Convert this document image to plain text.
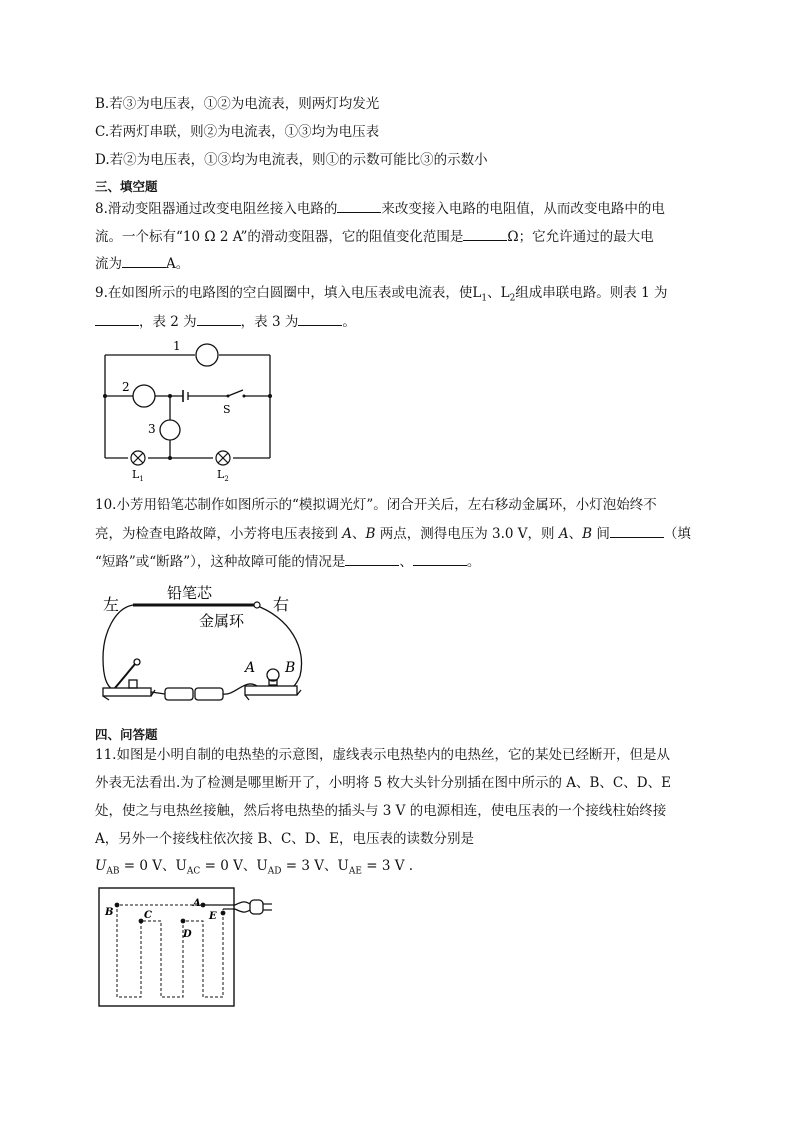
B.若③为电压表，①②为电流表，则两灯均发光
C.若两灯串联，则②为电流表，①③均为电压表
D.若②为电压表，①③均为电流表，则①的示数可能比③的示数小
三、填空题
8.滑动变阻器通过改变电阻丝接入电路的	来改变接入电路的电阻值，从而改变电路中的电
流。一个标有“10 Ω 2 A”的滑动变阻器，它的阻值变化范围是	Ω；它允许通过的最大电
流为	A。
9.在如图所示的电路图的空白圆圈中，填入电压表或电流表，使$L_1$、$L_2$组成串联电路。则表 1 为
，表 2 为	，表 3 为	。
1
2
3
S
$L_1$	$L_2$
10.小芳用铅笔芯制作如图所示的“模拟调光灯”。闭合开关后，左右移动金属环，小灯泡始终不
亮，为检查电路故障，小芳将电压表接到 A、B 两点，测得电压为 3.0 V，则 A、B 间	（填
“短路”或“断路”），这种故障可能的情况是	、	。
左
铅笔芯
右
金属环
A B
四、问答题
11.如图是小明自制的电热垫的示意图，虚线表示电热垫内的电热丝，它的某处已经断开，但是从
外表无法看出.为了检测是哪里断开了，小明将 5 枚大头针分别插在图中所示的 A、B、C、D、E
处，使之与电热丝接触，然后将电热垫的插头与 3 V 的电源相连，使电压表的一个接线柱始终接
A，另外一个接线柱依次接 B、C、D、E，电压表的读数分别是
$U_{AB} = 0$ V、$U_{AC} = 0$ V、$U_{AD} = 3$ V、$U_{AE} = 3$ V .
A
B	C
D
E
